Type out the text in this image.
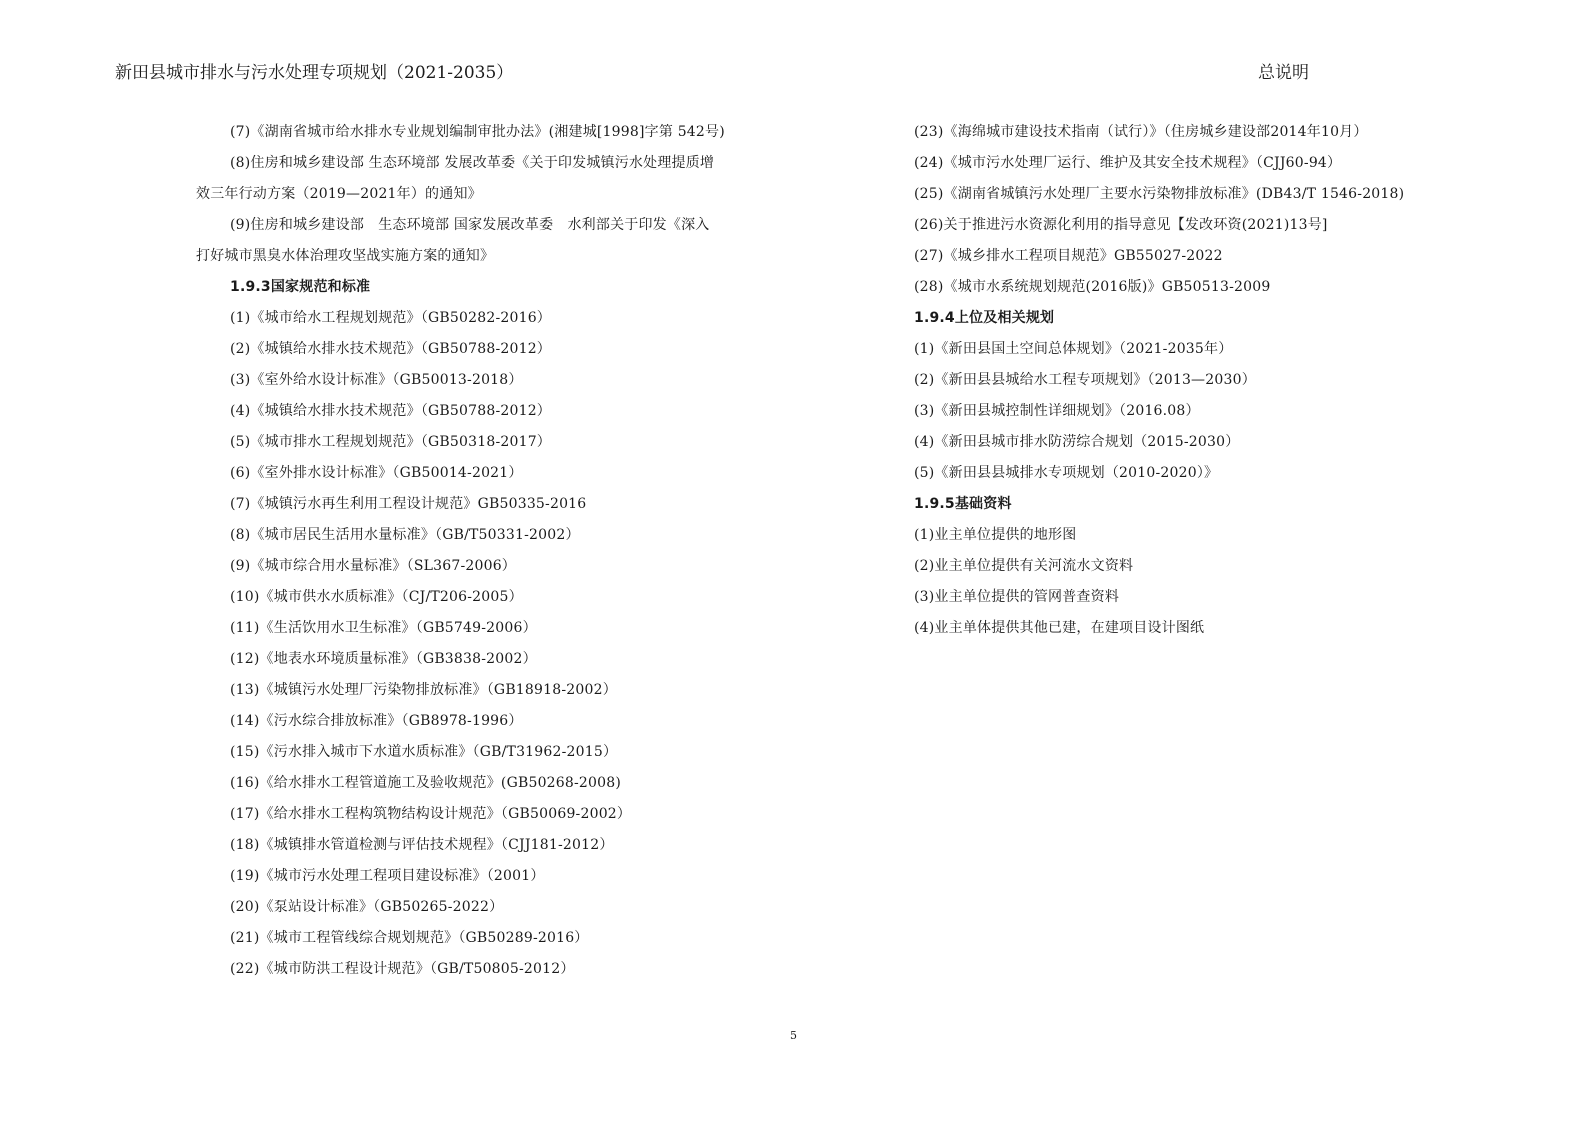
新田县城市排水与污水处理专项规划（2021-2035）	总说明
(7)《湖南省城市给水排水专业规划编制审批办法》(湘建城[1998]字第 542号)
(8)住房和城乡建设部 生态环境部 发展改革委《关于印发城镇污水处理提质增
效三年行动方案（2019—2021年）的通知》
(9)住房和城乡建设部　生态环境部 国家发展改革委　水利部关于印发《深入
打好城市黑臭水体治理攻坚战实施方案的通知》
1.9.3国家规范和标准
(1)《城市给水工程规划规范》（GB50282-2016）
(2)《城镇给水排水技术规范》（GB50788-2012）
(3)《室外给水设计标准》（GB50013-2018）
(4)《城镇给水排水技术规范》（GB50788-2012）
(5)《城市排水工程规划规范》（GB50318-2017）
(6)《室外排水设计标准》（GB50014-2021）
(7)《城镇污水再生利用工程设计规范》GB50335-2016
(8)《城市居民生活用水量标准》（GB/T50331-2002）
(9)《城市综合用水量标准》（SL367-2006）
(10)《城市供水水质标准》（CJ/T206-2005）
(11)《生活饮用水卫生标准》（GB5749-2006）
(12)《地表水环境质量标准》（GB3838-2002）
(13)《城镇污水处理厂污染物排放标准》（GB18918-2002）
(14)《污水综合排放标准》（GB8978-1996）
(15)《污水排入城市下水道水质标准》（GB/T31962-2015）
(16)《给水排水工程管道施工及验收规范》(GB50268-2008)
(17)《给水排水工程构筑物结构设计规范》（GB50069-2002）
(18)《城镇排水管道检测与评估技术规程》（CJJ181-2012）
(19)《城市污水处理工程项目建设标准》（2001）
(20)《泵站设计标准》（GB50265-2022）
(21)《城市工程管线综合规划规范》（GB50289-2016）
(22)《城市防洪工程设计规范》（GB/T50805-2012）
(23)《海绵城市建设技术指南（试行）》（住房城乡建设部2014年10月）
(24)《城市污水处理厂运行、维护及其安全技术规程》（CJJ60-94）
(25)《湖南省城镇污水处理厂主要水污染物排放标准》(DB43/T 1546-2018)
(26)关于推进污水资源化利用的指导意见【发改环资(2021)13号]
(27)《城乡排水工程项目规范》GB55027-2022
(28)《城市水系统规划规范(2016版)》GB50513-2009
1.9.4上位及相关规划
(1)《新田县国土空间总体规划》（2021-2035年）
(2)《新田县县城给水工程专项规划》（2013—2030）
(3)《新田县城控制性详细规划》（2016.08）
(4)《新田县城市排水防涝综合规划（2015-2030）
(5)《新田县县城排水专项规划（2010-2020）》
1.9.5基础资料
(1)业主单位提供的地形图
(2)业主单位提供有关河流水文资料
(3)业主单位提供的管网普查资料
(4)业主单体提供其他已建，在建项目设计图纸
5
